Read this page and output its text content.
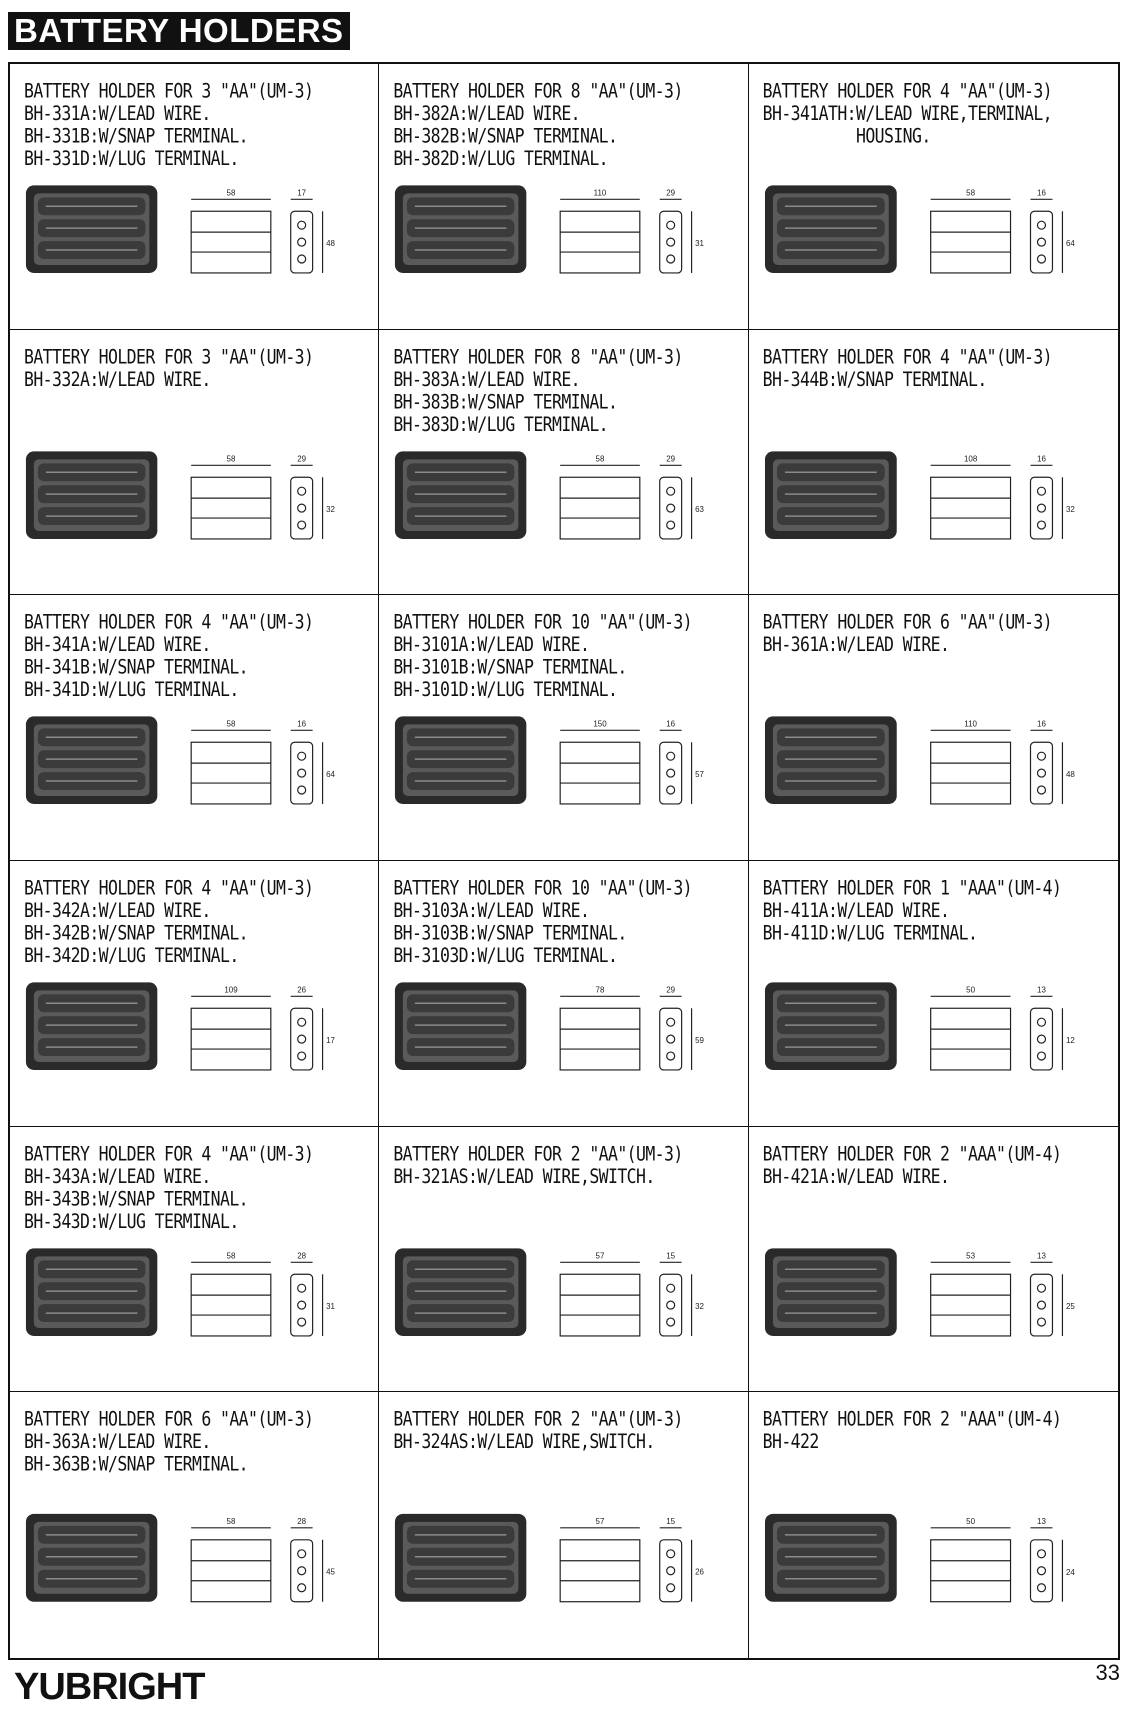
BATTERY HOLDERS
BATTERY HOLDER FOR 3 "AA"(UM-3)
BH-331A:W/LEAD WIRE.
BH-331B:W/SNAP TERMINAL.
BH-331D:W/LUG TERMINAL.
58	17
48
BATTERY HOLDER FOR 8 "AA"(UM-3)
BH-382A:W/LEAD WIRE.
BH-382B:W/SNAP TERMINAL.
BH-382D:W/LUG TERMINAL.
110	29
31
BATTERY HOLDER FOR 4 "AA"(UM-3)
BH-341ATH:W/LEAD WIRE,TERMINAL,
HOUSING.
58	16
64
BATTERY HOLDER FOR 3 "AA"(UM-3)
BH-332A:W/LEAD WIRE.
58	29
32
BATTERY HOLDER FOR 8 "AA"(UM-3)
BH-383A:W/LEAD WIRE.
BH-383B:W/SNAP TERMINAL.
BH-383D:W/LUG TERMINAL.
58	29
63
BATTERY HOLDER FOR 4 "AA"(UM-3)
BH-344B:W/SNAP TERMINAL.
108	16
32
BATTERY HOLDER FOR 4 "AA"(UM-3)
BH-341A:W/LEAD WIRE.
BH-341B:W/SNAP TERMINAL.
BH-341D:W/LUG TERMINAL.
58	16
64
BATTERY HOLDER FOR 10 "AA"(UM-3)
BH-3101A:W/LEAD WIRE.
BH-3101B:W/SNAP TERMINAL.
BH-3101D:W/LUG TERMINAL.
150	16
57
BATTERY HOLDER FOR 6 "AA"(UM-3)
BH-361A:W/LEAD WIRE.
110	16
48
BATTERY HOLDER FOR 4 "AA"(UM-3)
BH-342A:W/LEAD WIRE.
BH-342B:W/SNAP TERMINAL.
BH-342D:W/LUG TERMINAL.
109	26
17
BATTERY HOLDER FOR 10 "AA"(UM-3)
BH-3103A:W/LEAD WIRE.
BH-3103B:W/SNAP TERMINAL.
BH-3103D:W/LUG TERMINAL.
78	29
59
BATTERY HOLDER FOR 1 "AAA"(UM-4)
BH-411A:W/LEAD WIRE.
BH-411D:W/LUG TERMINAL.
50	13
12
BATTERY HOLDER FOR 4 "AA"(UM-3)
BH-343A:W/LEAD WIRE.
BH-343B:W/SNAP TERMINAL.
BH-343D:W/LUG TERMINAL.
58	28
31
BATTERY HOLDER FOR 2 "AA"(UM-3)
BH-321AS:W/LEAD WIRE,SWITCH.
57	15
32
BATTERY HOLDER FOR 2 "AAA"(UM-4)
BH-421A:W/LEAD WIRE.
53	13
25
BATTERY HOLDER FOR 6 "AA"(UM-3)
BH-363A:W/LEAD WIRE.
BH-363B:W/SNAP TERMINAL.
58	28
45
BATTERY HOLDER FOR 2 "AA"(UM-3)
BH-324AS:W/LEAD WIRE,SWITCH.
57	15
26
BATTERY HOLDER FOR 2 "AAA"(UM-4)
BH-422
50	13
24
YUBRIGHT	33
